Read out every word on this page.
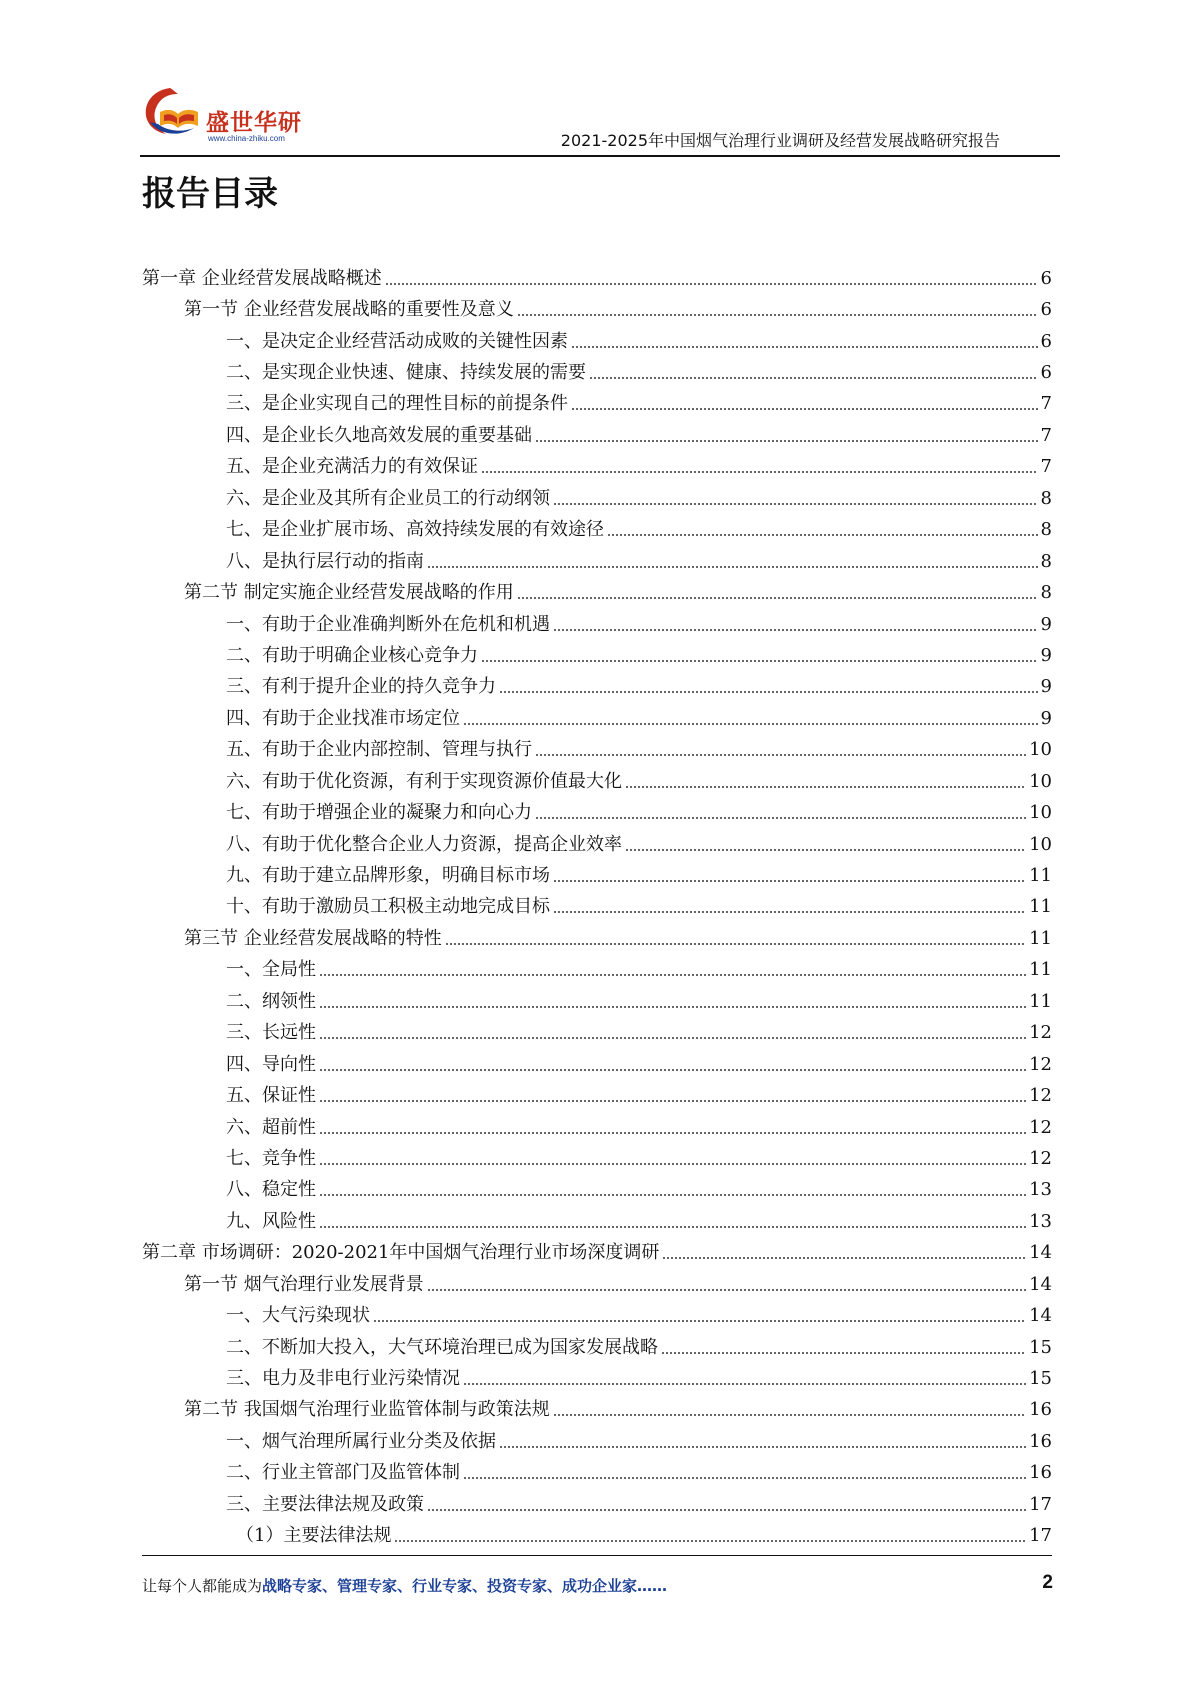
盛世华研
www.china-zhiku.com	2021-2025年中国烟气治理行业调研及经营发展战略研究报告
报告目录
第一章 企业经营发展战略概述	6
第一节 企业经营发展战略的重要性及意义	6
一、是决定企业经营活动成败的关键性因素	6
二、是实现企业快速、健康、持续发展的需要	6
三、是企业实现自己的理性目标的前提条件	7
四、是企业长久地高效发展的重要基础	7
五、是企业充满活力的有效保证	7
六、是企业及其所有企业员工的行动纲领	8
七、是企业扩展市场、高效持续发展的有效途径	8
八、是执行层行动的指南	8
第二节 制定实施企业经营发展战略的作用	8
一、有助于企业准确判断外在危机和机遇	9
二、有助于明确企业核心竞争力	9
三、有利于提升企业的持久竞争力	9
四、有助于企业找准市场定位	9
五、有助于企业内部控制、管理与执行	10
六、有助于优化资源，有利于实现资源价值最大化	10
七、有助于增强企业的凝聚力和向心力	10
八、有助于优化整合企业人力资源，提高企业效率	10
九、有助于建立品牌形象，明确目标市场	11
十、有助于激励员工积极主动地完成目标	11
第三节 企业经营发展战略的特性	11
一、全局性	11
二、纲领性	11
三、长远性	12
四、导向性	12
五、保证性	12
六、超前性	12
七、竞争性	12
八、稳定性	13
九、风险性	13
第二章 市场调研：2020-2021年中国烟气治理行业市场深度调研	14
第一节 烟气治理行业发展背景	14
一、大气污染现状	14
二、不断加大投入，大气环境治理已成为国家发展战略	15
三、电力及非电行业污染情况	15
第二节 我国烟气治理行业监管体制与政策法规	16
一、烟气治理所属行业分类及依据	16
二、行业主管部门及监管体制	16
三、主要法律法规及政策	17
（1）主要法律法规	17
让每个人都能成为战略专家、管理专家、行业专家、投资专家、成功企业家……	2
